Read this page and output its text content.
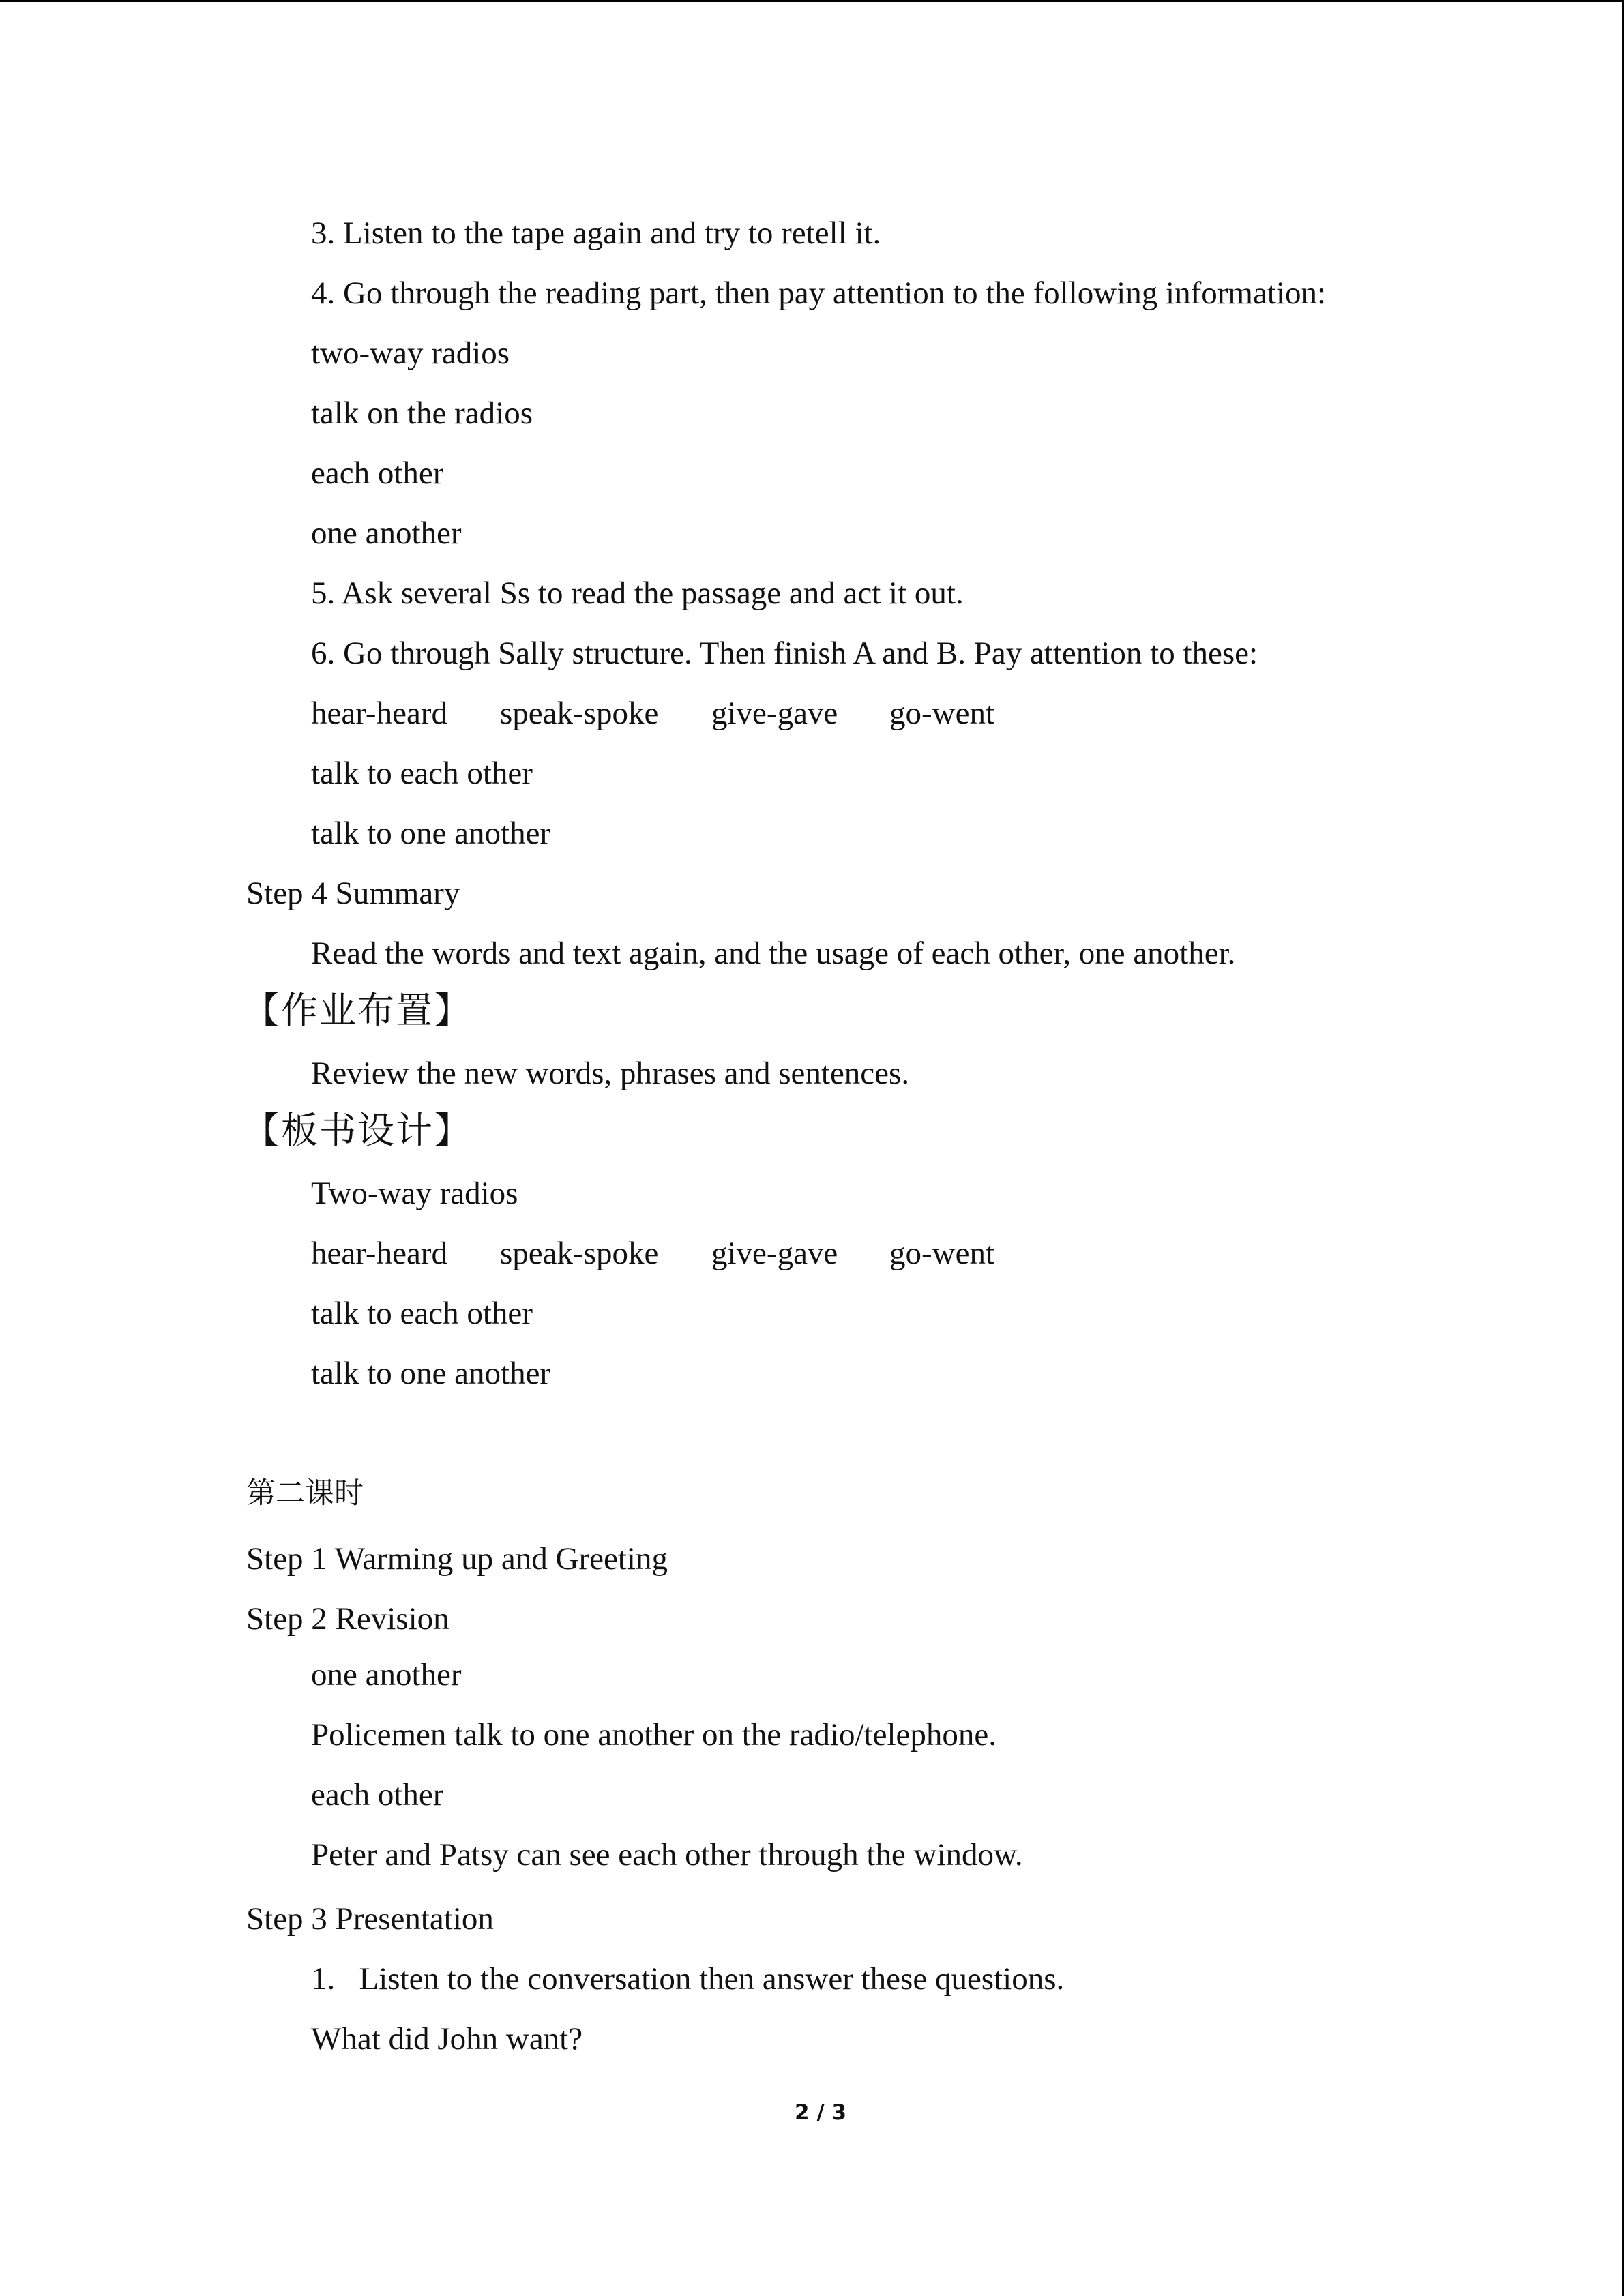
3. Listen to the tape again and try to retell it.
4. Go through the reading part, then pay attention to the following information:
two-way radios
talk on the radios
each other
one another
5. Ask several Ss to read the passage and act it out.
6. Go through Sally structure. Then finish A and B. Pay attention to these:

hear-heard

speak-spoke

give-gave

go-went

talk to each other
talk to one another
Step 4 Summary
Read the words and text again, and the usage of each other, one another.
【作业布置】
Review the new words, phrases and sentences.
【板书设计】
Two-way radios

hear-heard

speak-spoke

give-gave

go-went

talk to each other
talk to one another
第二课时
Step 1 Warming up and Greeting
Step 2 Revision
one another
Policemen talk to one another on the radio/telephone.
each other
Peter and Patsy can see each other through the window.
Step 3 Presentation
1.   Listen to the conversation then answer these questions.
What did John want?
2 / 3
